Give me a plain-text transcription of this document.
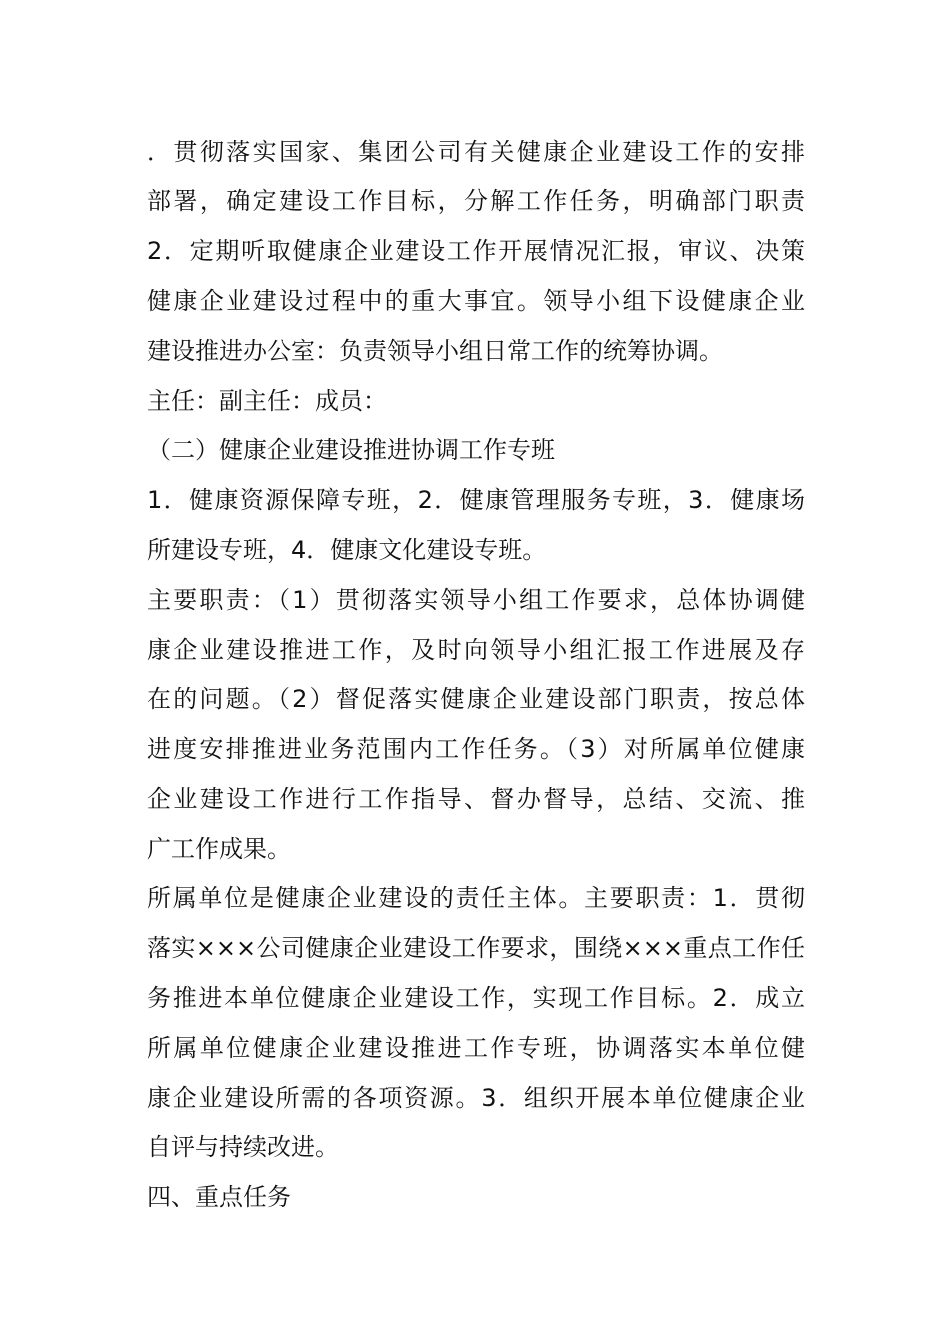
．贯彻落实国家、集团公司有关健康企业建设工作的安排

部署，确定建设工作目标，分解工作任务，明确部门职责

2．定期听取健康企业建设工作开展情况汇报，审议、决策

健康企业建设过程中的重大事宜。领导小组下设健康企业

建设推进办公室：负责领导小组日常工作的统筹协调。

主任：副主任：成员：

（二）健康企业建设推进协调工作专班

1．健康资源保障专班，2．健康管理服务专班，3．健康场

所建设专班，4．健康文化建设专班。

主要职责：（1）贯彻落实领导小组工作要求，总体协调健

康企业建设推进工作，及时向领导小组汇报工作进展及存

在的问题。（2）督促落实健康企业建设部门职责，按总体

进度安排推进业务范围内工作任务。（3）对所属单位健康

企业建设工作进行工作指导、督办督导，总结、交流、推

广工作成果。

所属单位是健康企业建设的责任主体。主要职责：1．贯彻

落实×××公司健康企业建设工作要求，围绕×××重点工作任

务推进本单位健康企业建设工作，实现工作目标。2．成立

所属单位健康企业建设推进工作专班，协调落实本单位健

康企业建设所需的各项资源。3．组织开展本单位健康企业

自评与持续改进。

四、重点任务
